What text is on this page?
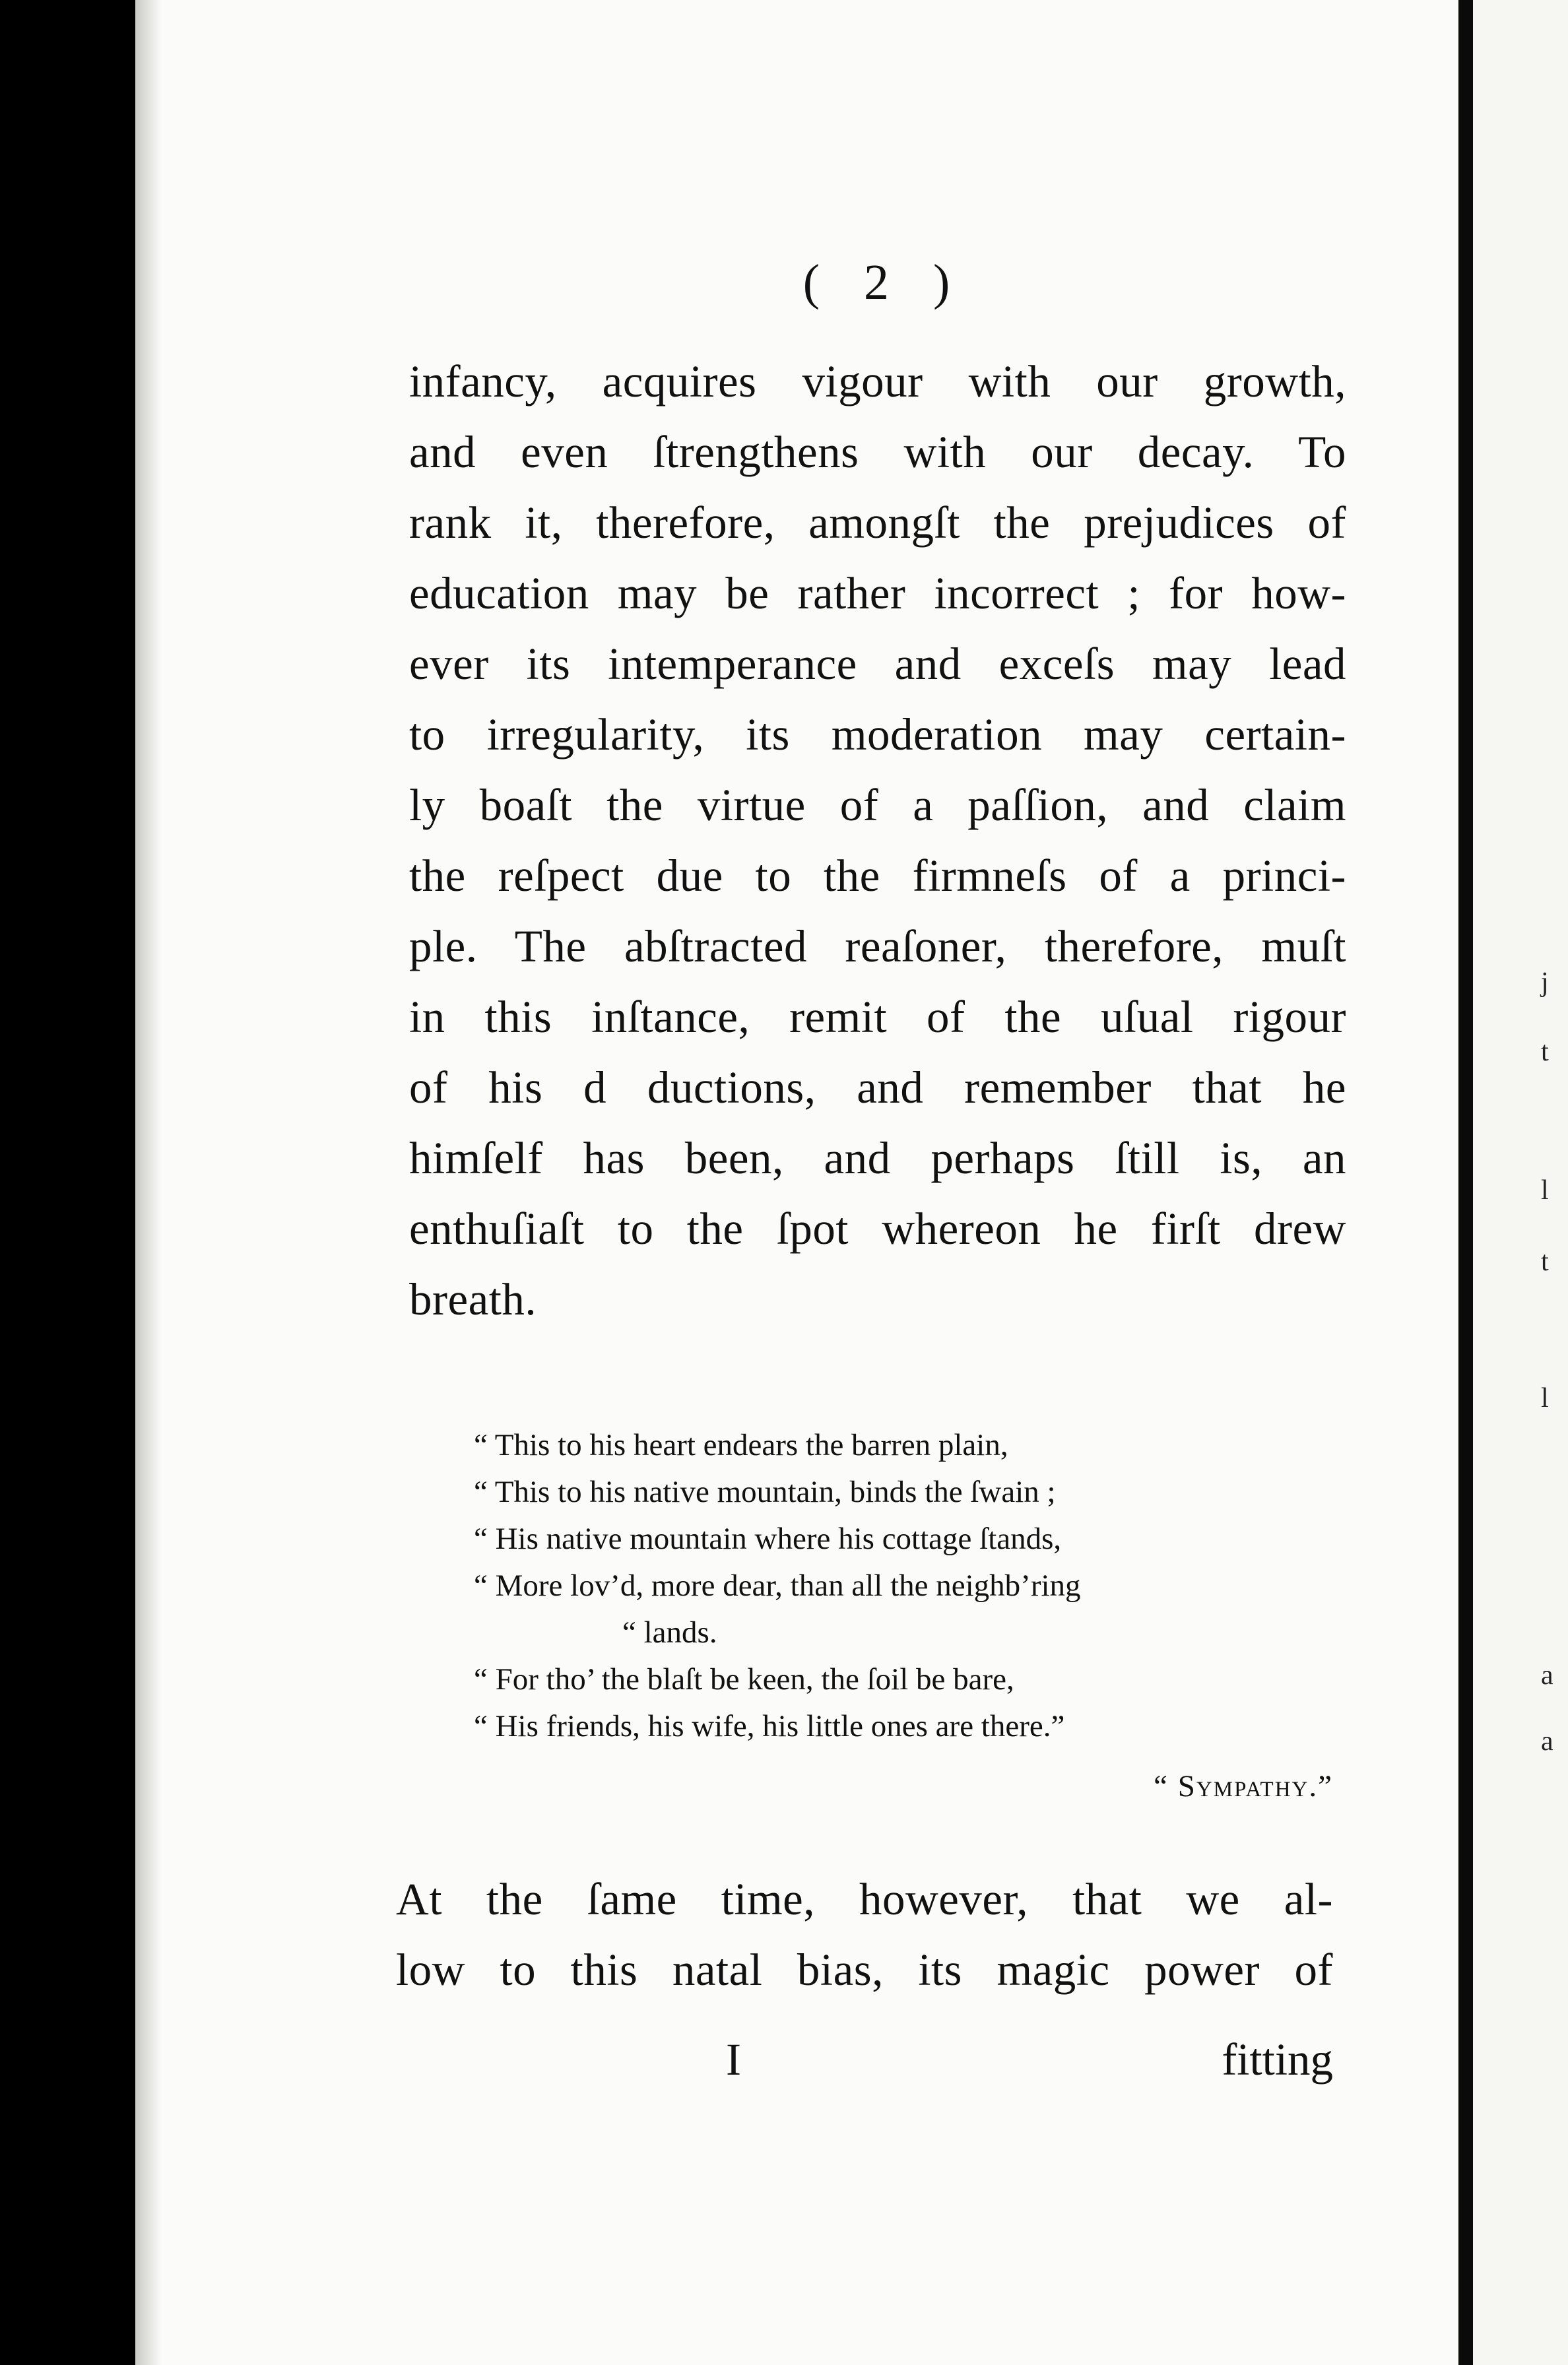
j
t
l
t
l
a
a
( 2 )
infancy, acquires vigour with our growth,
and even ſtrengthens with our decay. To
rank it, therefore, amongſt the prejudices of
education may be rather incorrect ; for how-
ever its intemperance and exceſs may lead
to irregularity, its moderation may certain-
ly boaſt the virtue of a paſſion, and claim
the reſpect due to the firmneſs of a princi-
ple. The abſtracted reaſoner, therefore, muſt
in this inſtance, remit of the uſual rigour
of his d ductions, and remember that he
himſelf has been, and perhaps ſtill is, an
enthuſiaſt to the ſpot whereon he firſt drew
breath.
“ This to his heart endears the barren plain,
“ This to his native mountain, binds the ſwain ;
“ His native mountain where his cottage ſtands,
“ More lov’d, more dear, than all the neighb’ring
“ lands.
“ For tho’ the blaſt be keen, the ſoil be bare,
“ His friends, his wife, his little ones are there.”
“ Sympathy.”
At the ſame time, however, that we al-
low to this natal bias, its magic power of
I	fitting
